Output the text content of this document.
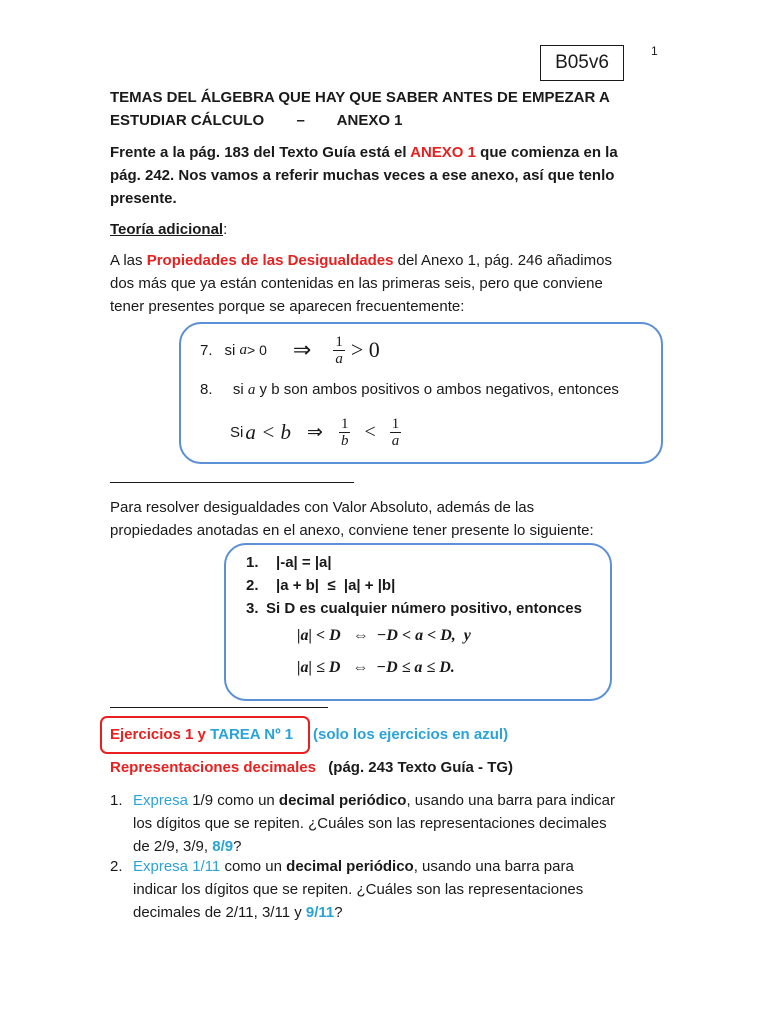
1
B05v6
TEMAS DEL ÁLGEBRA QUE HAY QUE SABER ANTES DE EMPEZAR A
ESTUDIAR CÁLCULO – ANEXO 1
Frente a la pág. 183 del Texto Guía está el ANEXO 1 que comienza en la
pág. 242. Nos vamos a referir muchas veces a ese anexo, así que tenlo
presente.
Teoría adicional:
A las Propiedades de las Desigualdades del Anexo 1, pág. 246 añadimos
dos más que ya están contenidas en las primeras seis, pero que conviene
tener presentes porque se aparecen frecuentemente:
7. si
a > 0 ⇒ $\frac{1}{a} > 0$
8. si a y b son ambos positivos o ambos negativos, entonces
Si a < b ⇒ $\frac{1}{b} < \frac{1}{a}$
Para resolver desigualdades con Valor Absoluto, además de las
propiedades anotadas en el anexo, conviene tener presente lo siguiente:
1. |-a| = |a|
2. |a + b|  ≤  |a| + |b|
3. Si D es cualquier número positivo, entonces
|a| < D   ⇔  −D < a < D,  y
|a| ≤ D   ⇔  −D ≤ a ≤ D.
Ejercicios 1 y TAREA Nº 1 (solo los ejercicios en azul)
Representaciones decimales (pág. 243 Texto Guía - TG)
1. Expresa 1/9 como un decimal periódico, usando una barra para indicar
los dígitos que se repiten. ¿Cuáles son las representaciones decimales
de 2/9, 3/9, 8/9?
2. Expresa 1/11 como un decimal periódico, usando una barra para
indicar los dígitos que se repiten. ¿Cuáles son las representaciones
decimales de 2/11, 3/11 y 9/11?
